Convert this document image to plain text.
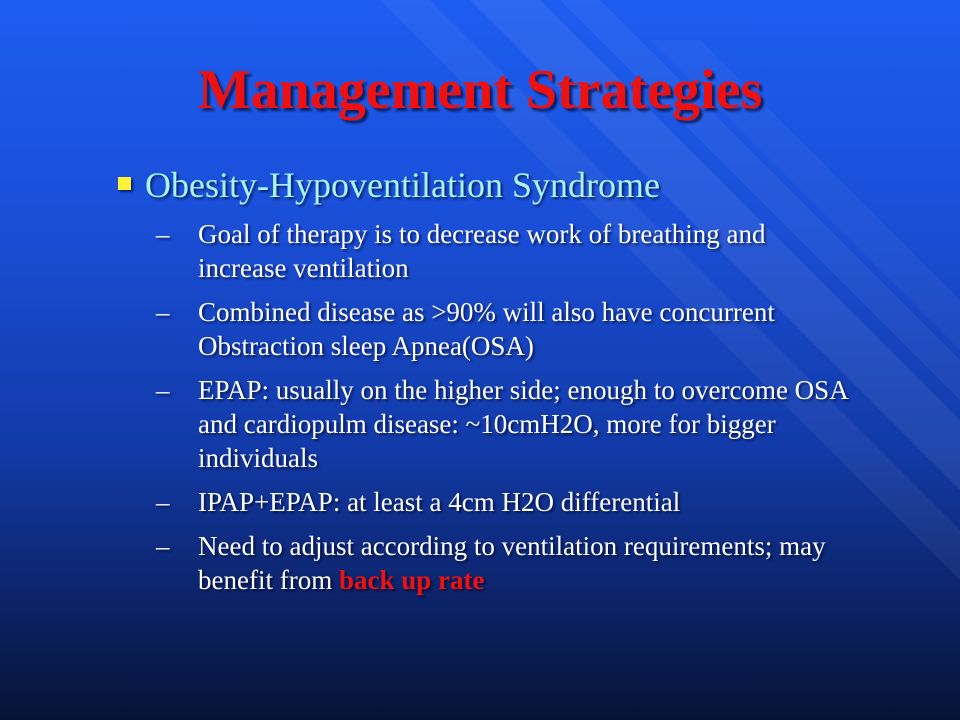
Management Strategies
Obesity-Hypoventilation Syndrome
– Goal of therapy is to decrease work of breathing and increase ventilation
– Combined disease as >90% will also have concurrent Obstraction sleep Apnea(OSA)
– EPAP: usually on the higher side; enough to overcome OSA and cardiopulm disease: ~10cmH2O, more for bigger individuals
– IPAP+EPAP: at least a 4cm H2O differential
– Need to adjust according to ventilation requirements; may benefit from back up rate
